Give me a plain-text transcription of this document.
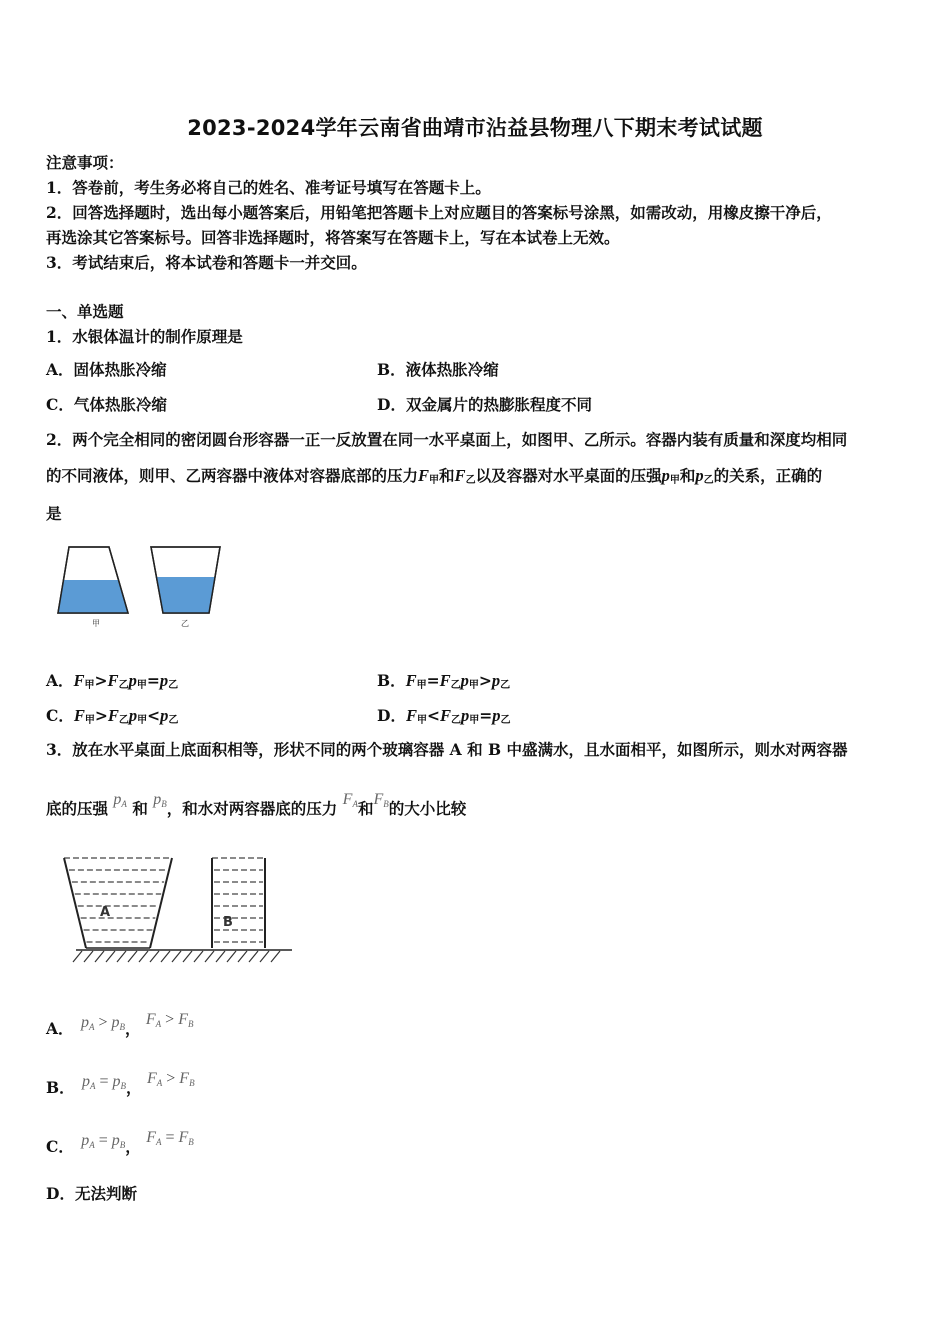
2023-2024学年云南省曲靖市沾益县物理八下期末考试试题
注意事项：
1．答卷前，考生务必将自己的姓名、准考证号填写在答题卡上。
2．回答选择题时，选出每小题答案后，用铅笔把答题卡上对应题目的答案标号涂黑，如需改动，用橡皮擦干净后，
再选涂其它答案标号。回答非选择题时，将答案写在答题卡上，写在本试卷上无效。
3．考试结束后，将本试卷和答题卡一并交回。
一、单选题
1．水银体温计的制作原理是
A．固体热胀冷缩	B．液体热胀冷缩
C．气体热胀冷缩	D．双金属片的热膨胀程度不同
2．两个完全相同的密闭圆台形容器一正一反放置在同一水平桌面上，如图甲、乙所示。容器内装有质量和深度均相同
的不同液体，则甲、乙两容器中液体对容器底部的压力$F_甲$和$F_乙$以及容器对水平桌面的压强$p_甲$和$p_乙$的关系，正确的
是
甲	乙
A．$F_甲>F_乙p_甲=p_乙$	B．$F_甲=F_乙p_甲>p_乙$
C．$F_甲>F_乙p_甲<p_乙$	D．$F_甲<F_乙p_甲=p_乙$
3．放在水平桌面上底面积相等，形状不同的两个玻璃容器 A 和 B 中盛满水，且水面相平，如图所示，则水对两容器
底的压强 pA 和 pB，和水对两容器底的压力 FA和FB的大小比较
A
B
A． pA > pB， FA > FB
B． pA = pB， FA > FB
C． pA = pB， FA = FB
D．无法判断
